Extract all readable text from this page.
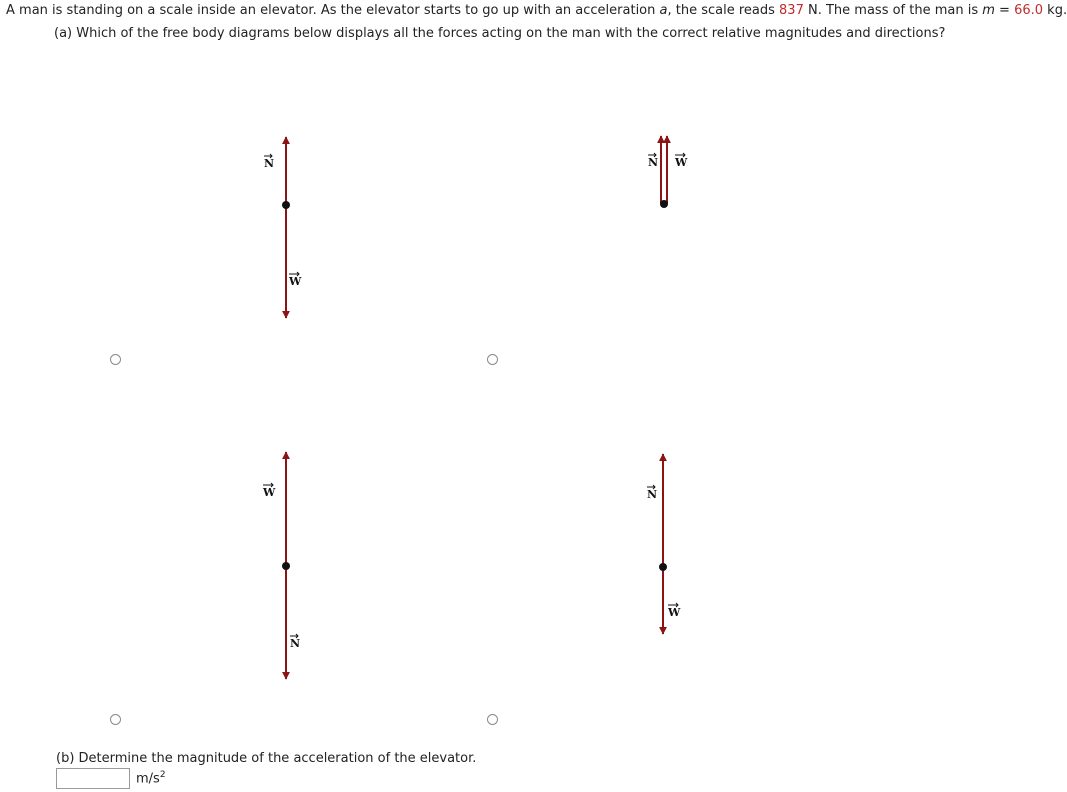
A man is standing on a scale inside an elevator. As the elevator starts to go up with an acceleration a, the scale reads 837 N. The mass of the man is m = 66.0 kg.
(a) Which of the free body diagrams below displays all the forces acting on the man with the correct relative magnitudes and directions?
N
W
N W
W
N
N
W
(b) Determine the magnitude of the acceleration of the elevator.
$m/s^2$
